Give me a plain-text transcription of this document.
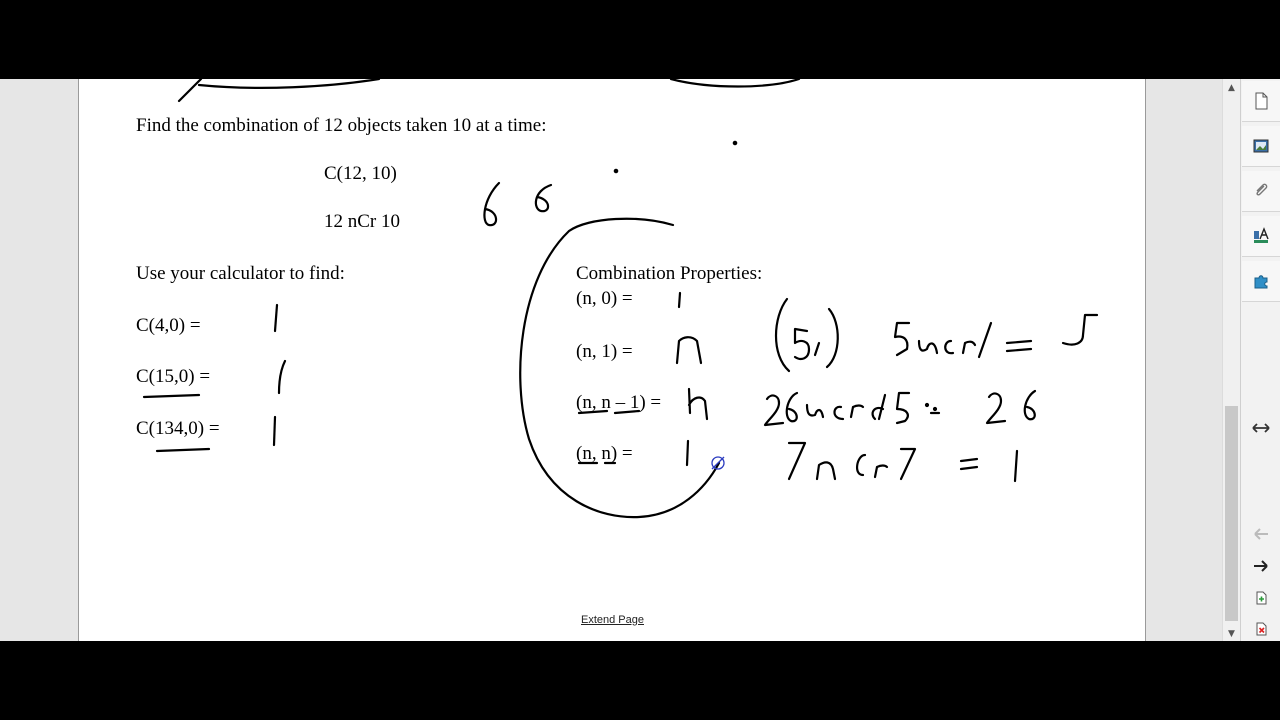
Find the combination of 12 objects taken 10 at a time:
C(12, 10)
12 nCr 10
Use your calculator to find:
C(4,0) =
C(15,0) =
C(134,0) =
Combination Properties:
(n, 0) =
(n, 1) =
(n, n – 1) =
(n, n) =
Extend Page
▲
▼
